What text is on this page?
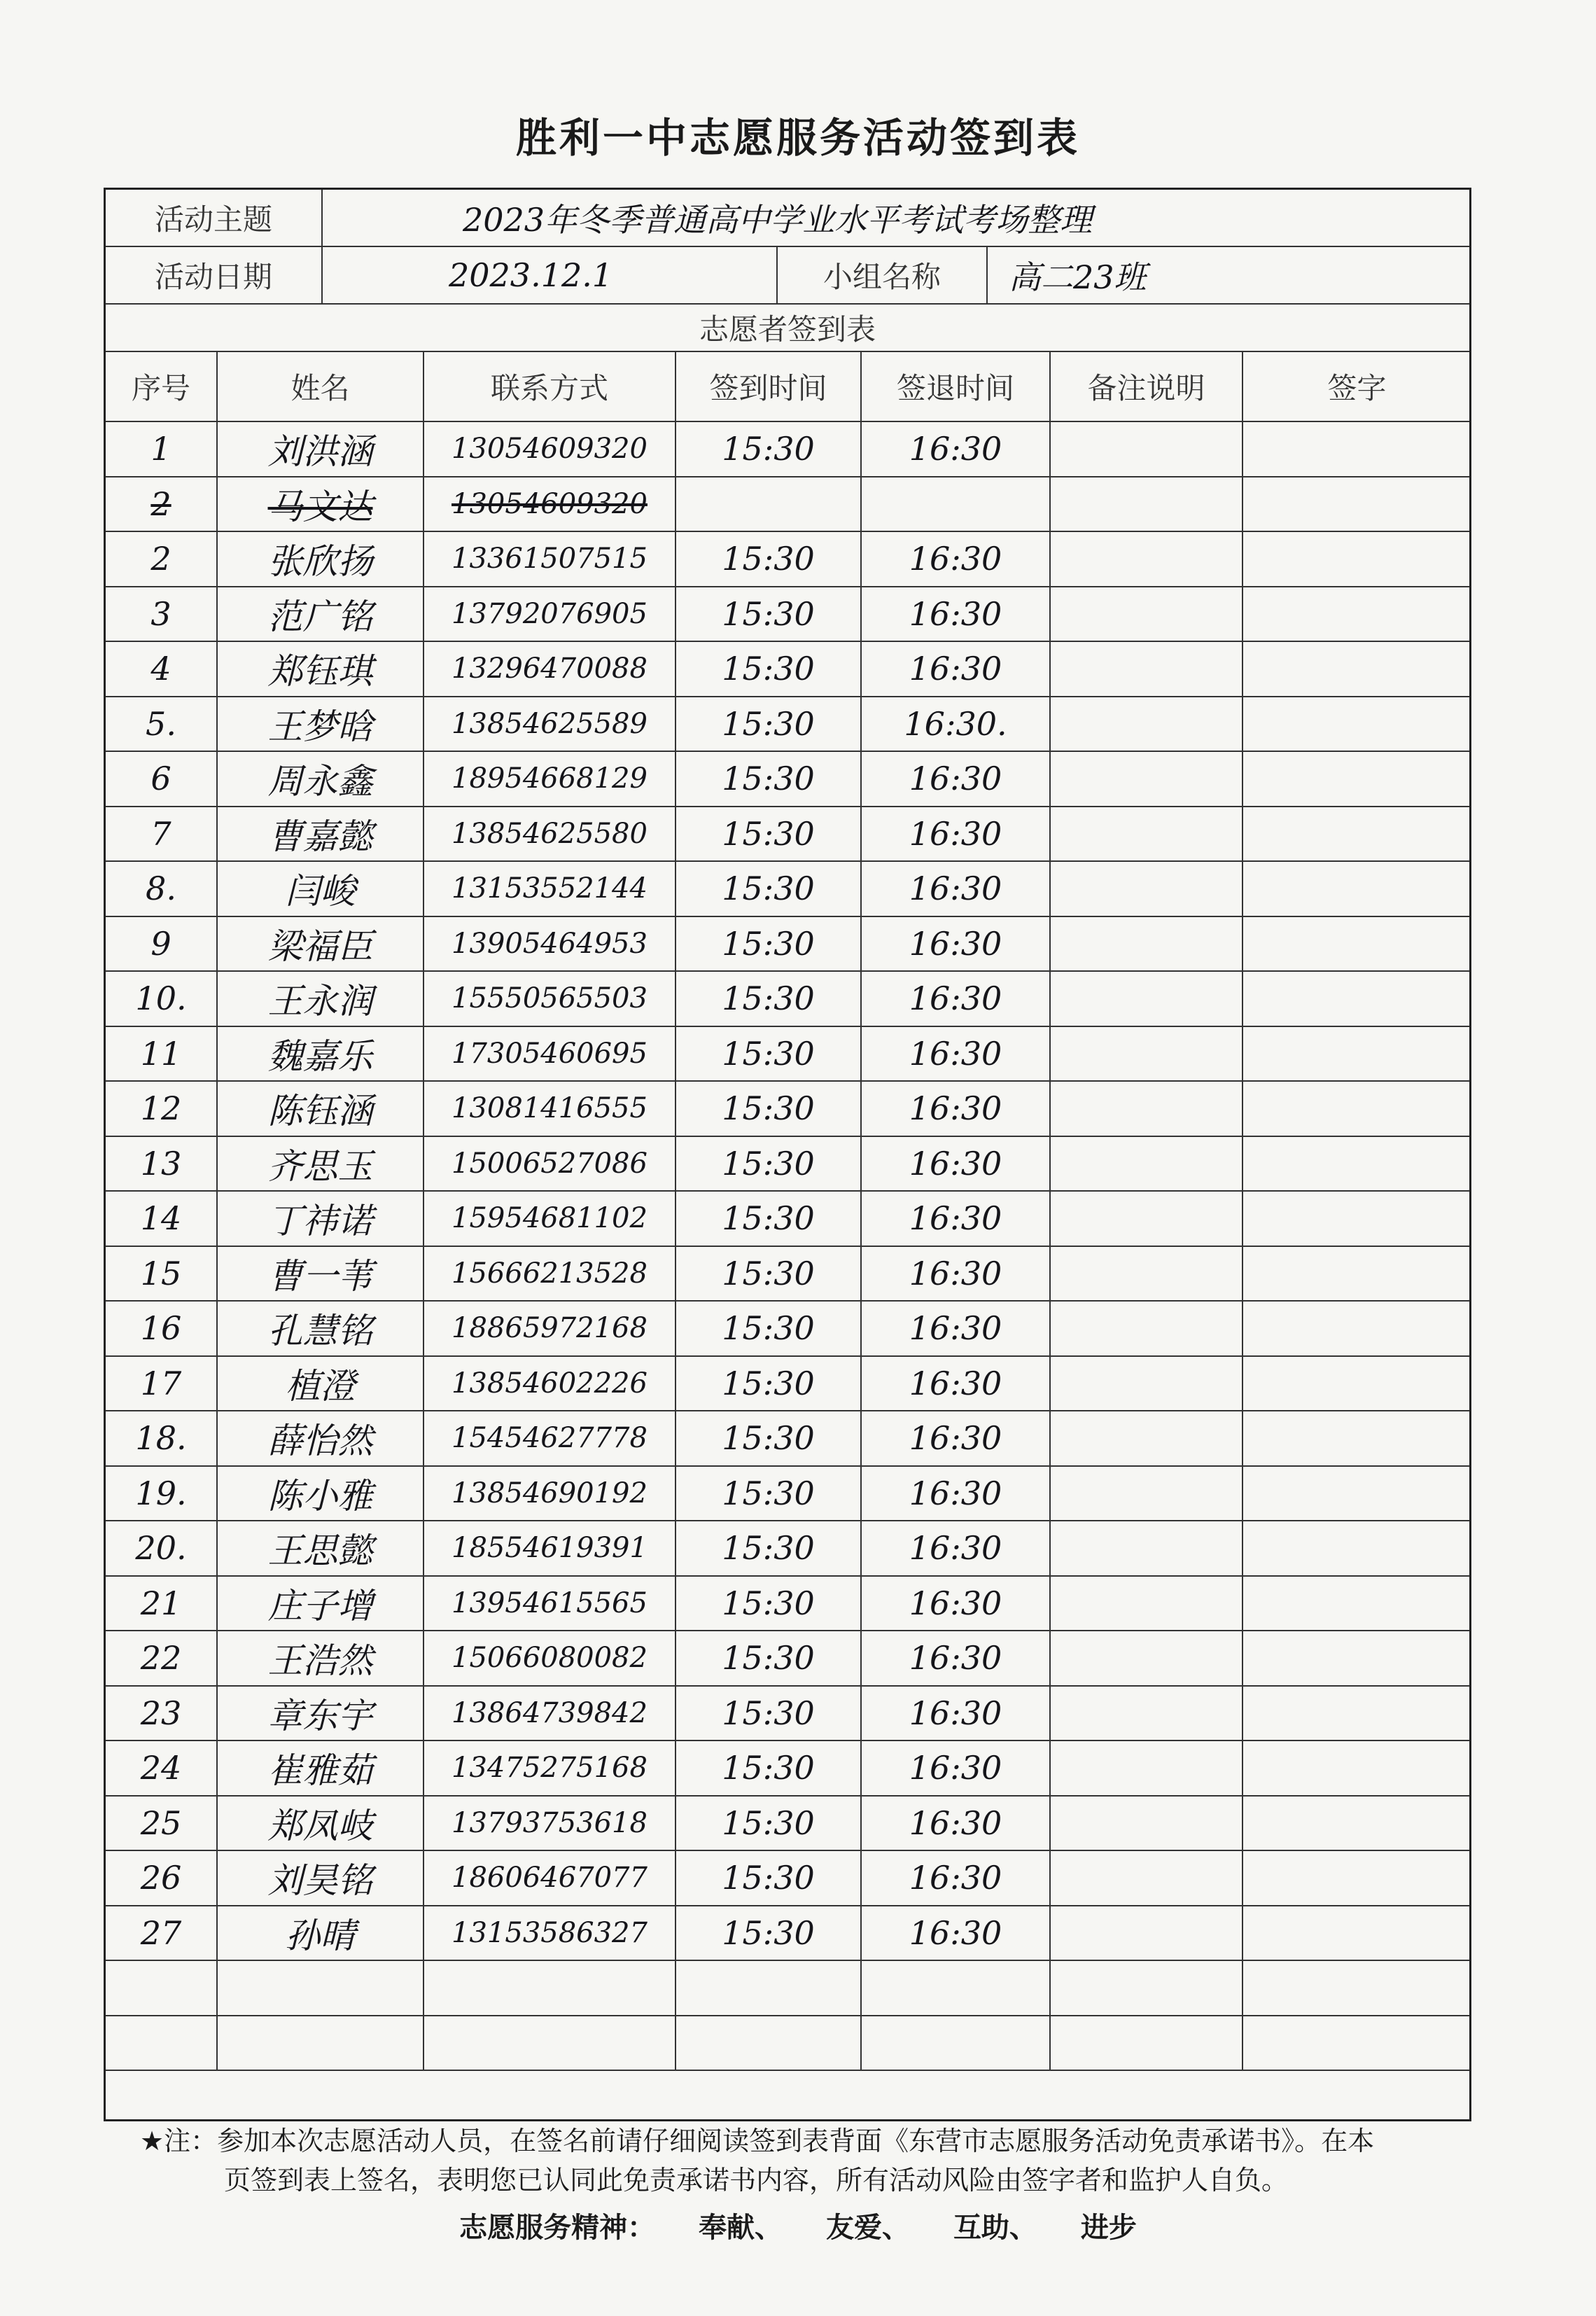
胜利一中志愿服务活动签到表
活动主题	2023年冬季普通高中学业水平考试考场整理
活动日期	2023.12.1	小组名称	高二23班
志愿者签到表
序号	姓名	联系方式	签到时间	签退时间	备注说明	签字
1	刘洪涵	13054609320	15:30	16:30
2	马文达	13054609320
2	张欣扬	13361507515	15:30	16:30
3	范广铭	13792076905	15:30	16:30
4	郑钰琪	13296470088	15:30	16:30
5.	王梦晗	13854625589	15:30	16:30.
6	周永鑫	18954668129	15:30	16:30
7	曹嘉懿	13854625580	15:30	16:30
8.	闫峻	13153552144	15:30	16:30
9	梁福臣	13905464953	15:30	16:30
10.	王永润	15550565503	15:30	16:30
11	魏嘉乐	17305460695	15:30	16:30
12	陈钰涵	13081416555	15:30	16:30
13	齐思玉	15006527086	15:30	16:30
14	丁祎诺	15954681102	15:30	16:30
15	曹一苇	15666213528	15:30	16:30
16	孔慧铭	18865972168	15:30	16:30
17	植澄	13854602226	15:30	16:30
18.	薛怡然	15454627778	15:30	16:30
19.	陈小雅	13854690192	15:30	16:30
20.	王思懿	18554619391	15:30	16:30
21	庄子增	13954615565	15:30	16:30
22	王浩然	15066080082	15:30	16:30
23	章东宇	13864739842	15:30	16:30
24	崔雅茹	13475275168	15:30	16:30
25	郑凤岐	13793753618	15:30	16:30
26	刘昊铭	18606467077	15:30	16:30
27	孙晴	13153586327	15:30	16:30
★注：参加本次志愿活动人员，在签名前请仔细阅读签到表背面《东营市志愿服务活动免责承诺书》。在本
页签到表上签名，表明您已认同此免责承诺书内容，所有活动风险由签字者和监护人自负。
志愿服务精神： 奉献、 友爱、 互助、 进步
